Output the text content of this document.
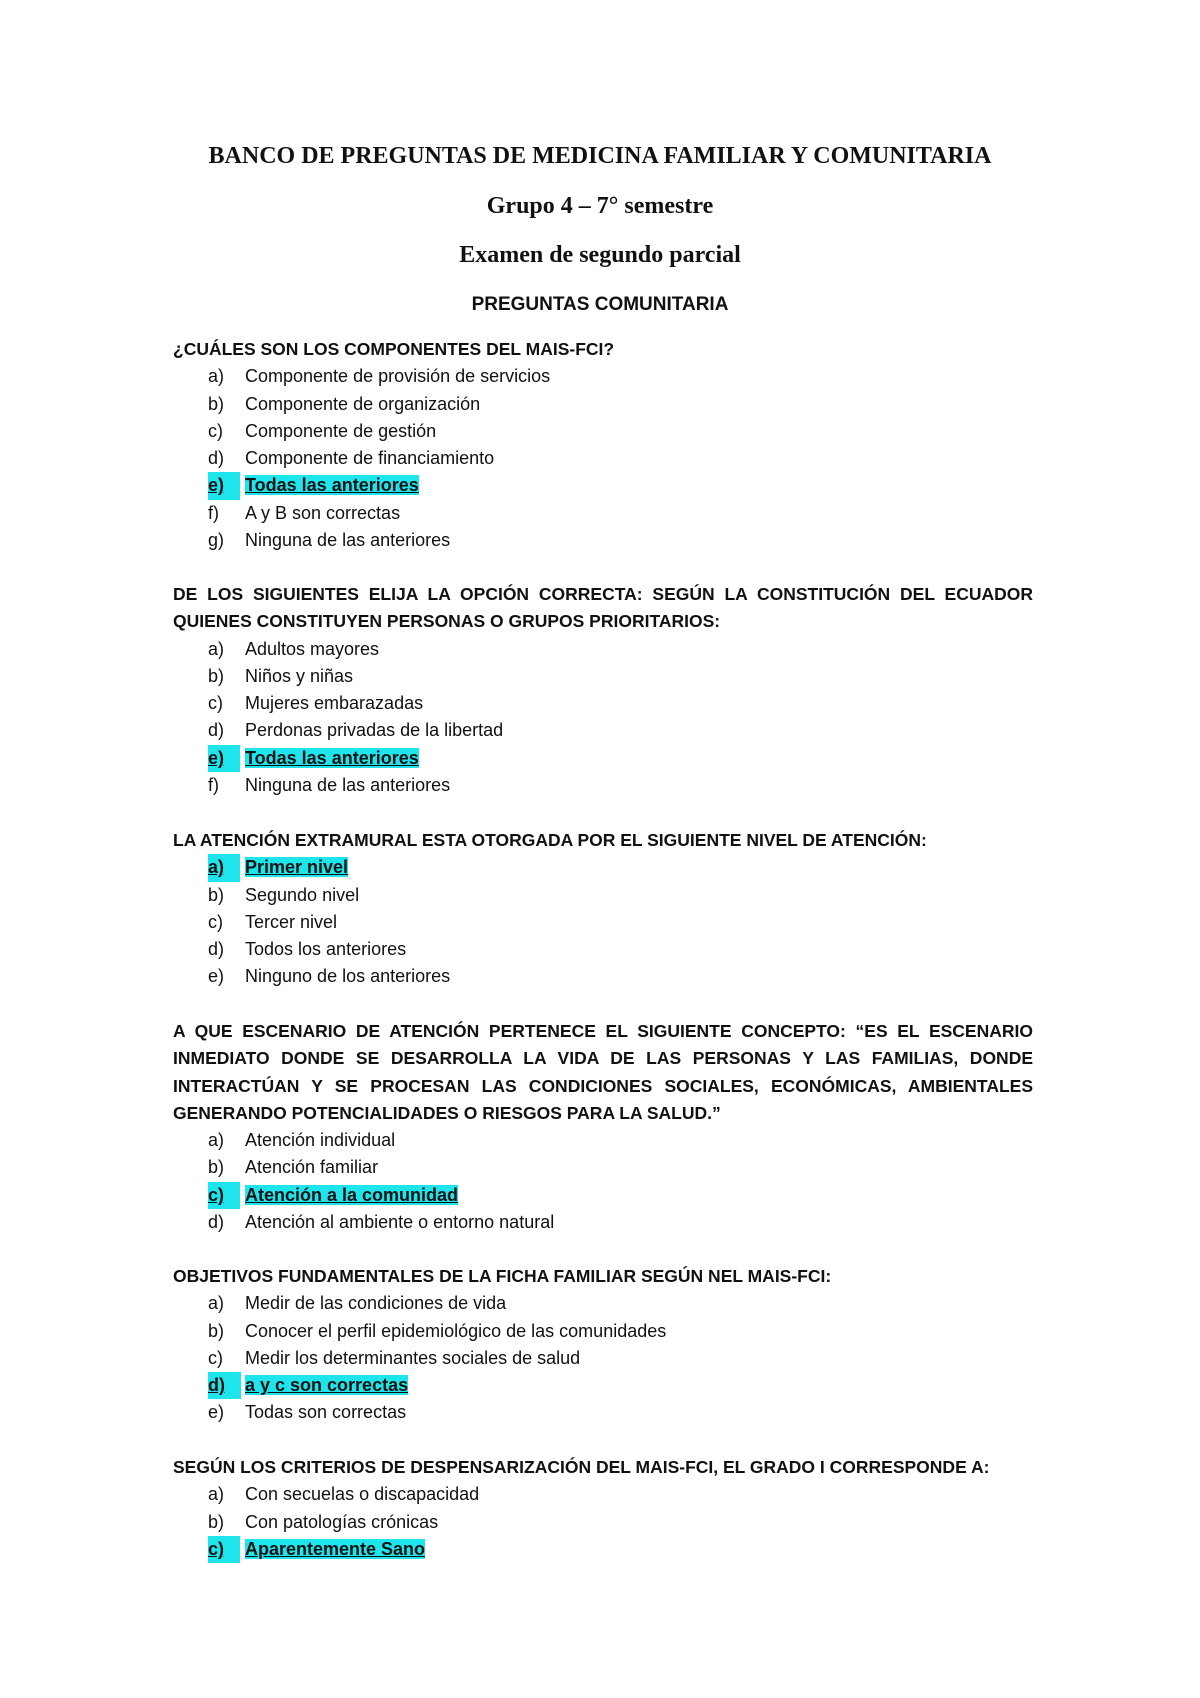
BANCO DE PREGUNTAS DE MEDICINA FAMILIAR Y COMUNITARIA
Grupo 4 – 7° semestre
Examen de segundo parcial
PREGUNTAS COMUNITARIA

¿CUÁLES SON LOS COMPONENTES DEL MAIS-FCI?

a) Componente de provisión de servicios
b) Componente de organización
c) Componente de gestión
d) Componente de financiamiento
e)	Todas las anteriores
f) A y B son correctas
g) Ninguna de las anteriores

DE LOS SIGUIENTES ELIJA LA OPCIÓN CORRECTA: SEGÚN LA CONSTITUCIÓN DEL ECUADOR QUIENES CONSTITUYEN PERSONAS O GRUPOS PRIORITARIOS:

a) Adultos mayores
b) Niños y niñas
c) Mujeres embarazadas
d) Perdonas privadas de la libertad
e)	Todas las anteriores
f) Ninguna de las anteriores

LA ATENCIÓN EXTRAMURAL ESTA OTORGADA POR EL SIGUIENTE NIVEL DE ATENCIÓN:

a)	Primer nivel
b) Segundo nivel
c) Tercer nivel
d) Todos los anteriores
e) Ninguno de los anteriores

A QUE ESCENARIO DE ATENCIÓN PERTENECE EL SIGUIENTE CONCEPTO: “ES EL ESCENARIO INMEDIATO DONDE SE DESARROLLA LA VIDA DE LAS PERSONAS Y LAS FAMILIAS, DONDE INTERACTÚAN Y SE PROCESAN LAS CONDICIONES SOCIALES, ECONÓMICAS, AMBIENTALES GENERANDO POTENCIALIDADES O RIESGOS PARA LA SALUD.”

a) Atención individual
b) Atención familiar
c)	Atención a la comunidad
d) Atención al ambiente o entorno natural

OBJETIVOS FUNDAMENTALES DE LA FICHA FAMILIAR SEGÚN NEL MAIS-FCI:

a) Medir de las condiciones de vida
b) Conocer el perfil epidemiológico de las comunidades
c) Medir los determinantes sociales de salud
d)	a y c son correctas
e) Todas son correctas

SEGÚN LOS CRITERIOS DE DESPENSARIZACIÓN DEL MAIS-FCI, EL GRADO I CORRESPONDE A:

a) Con secuelas o discapacidad
b) Con patologías crónicas
c)	Aparentemente Sano
